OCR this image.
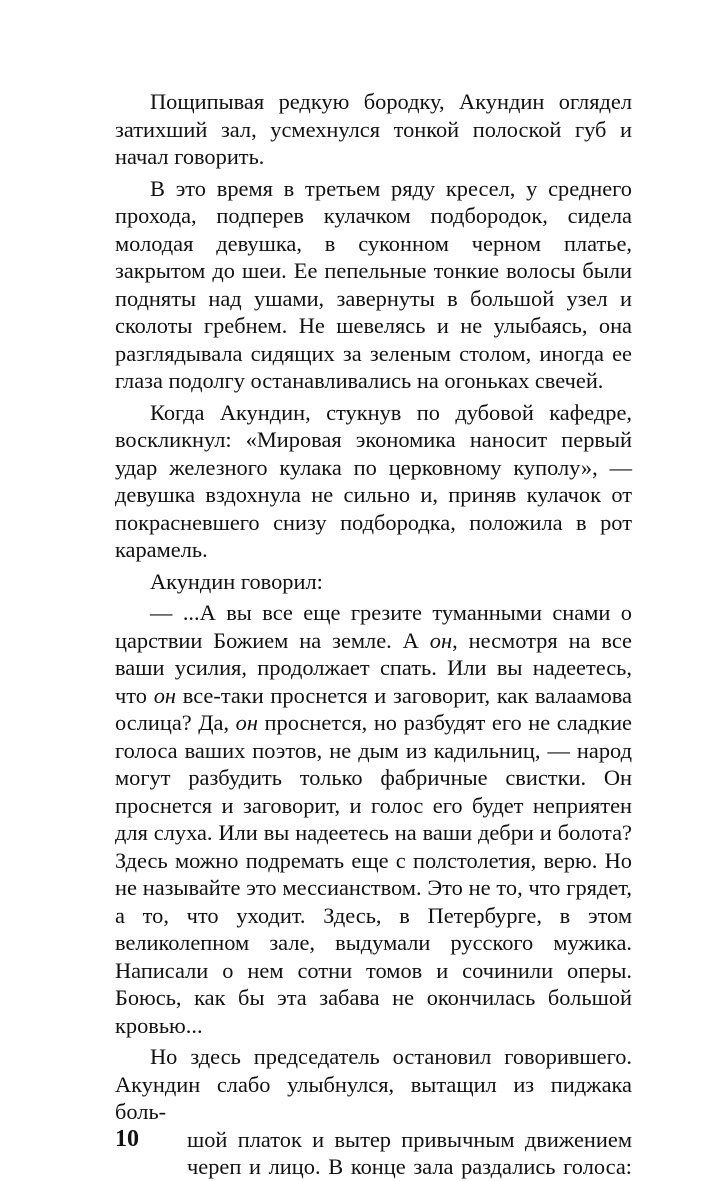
Пощипывая редкую бородку, Акундин оглядел затихший зал, усмехнулся тонкой полоской губ и начал говорить.

В это время в третьем ряду кресел, у среднего прохода, подперев кулачком подбородок, сидела молодая девушка, в суконном черном платье, закрытом до шеи. Ее пепельные тонкие волосы были подняты над ушами, завернуты в большой узел и сколоты гребнем. Не шевелясь и не улыбаясь, она разглядывала сидящих за зеленым столом, иногда ее глаза подолгу останавливались на огоньках свечей.

Когда Акундин, стукнув по дубовой кафедре, воскликнул: «Мировая экономика наносит первый удар железного кулака по церковному куполу», — девушка вздохнула не сильно и, приняв кулачок от покрасневшего снизу подбородка, положила в рот карамель.

Акундин говорил:

— ...А вы все еще грезите туманными снами о царствии Божием на земле. А он, несмотря на все ваши усилия, продолжает спать. Или вы надеетесь, что он все-таки проснется и заговорит, как валаамова ослица? Да, он проснется, но разбудят его не сладкие голоса ваших поэтов, не дым из кадильниц, — народ могут разбудить только фабричные свистки. Он проснется и заговорит, и голос его будет неприятен для слуха. Или вы надеетесь на ваши дебри и болота? Здесь можно подремать еще с полстолетия, верю. Но не называйте это мессианством. Это не то, что грядет, а то, что уходит. Здесь, в Петербурге, в этом великолепном зале, выдумали русского мужика. Написали о нем сотни томов и сочинили оперы. Боюсь, как бы эта забава не окончилась большой кровью...

Но здесь председатель остановил говорившего. Акундин слабо улыбнулся, вытащил из пиджака боль-

шой платок и вытер привычным движением
10
череп и лицо. В конце зала раздались голоса:
